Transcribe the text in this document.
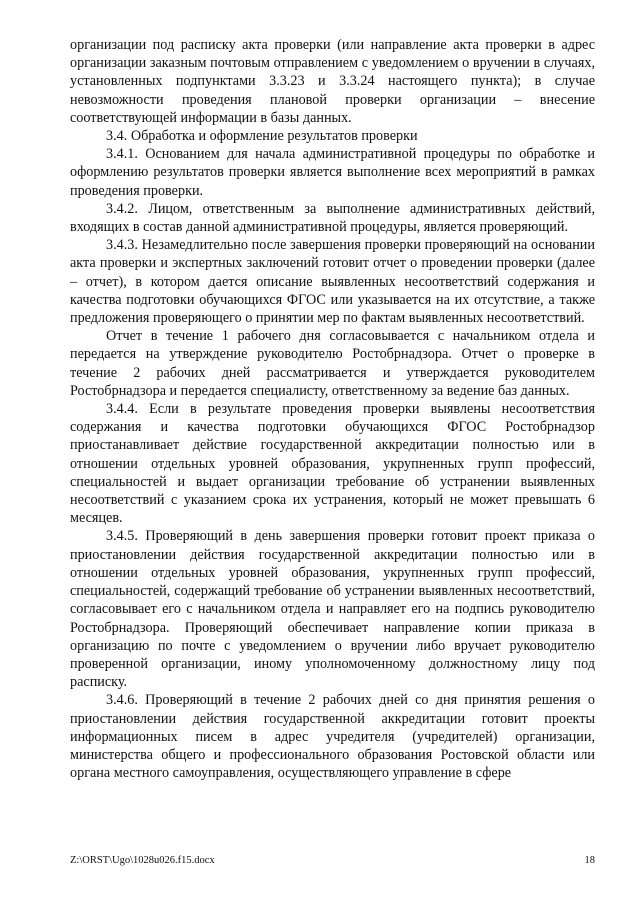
организации под расписку акта проверки (или направление акта проверки в адрес организации заказным почтовым отправлением с уведомлением о вручении в случаях, установленных подпунктами 3.3.23 и 3.3.24 настоящего пункта); в случае невозможности проведения плановой проверки организации – внесение соответствующей информации в базы данных.

3.4. Обработка и оформление результатов проверки

3.4.1. Основанием для начала административной процедуры по обработке и оформлению результатов проверки является выполнение всех мероприятий в рамках проведения проверки.

3.4.2. Лицом, ответственным за выполнение административных действий, входящих в состав данной административной процедуры, является проверяющий.

3.4.3. Незамедлительно после завершения проверки проверяющий на основании акта проверки и экспертных заключений готовит отчет о проведении проверки (далее – отчет), в котором дается описание выявленных несоответствий содержания и качества подготовки обучающихся ФГОС или указывается на их отсутствие, а также предложения проверяющего о принятии мер по фактам выявленных несоответствий.

Отчет в течение 1 рабочего дня согласовывается с начальником отдела и передается на утверждение руководителю Ростобрнадзора. Отчет о проверке в течение 2 рабочих дней рассматривается и утверждается руководителем Ростобрнадзора и передается специалисту, ответственному за ведение баз данных.

3.4.4. Если в результате проведения проверки выявлены несоответствия содержания и качества подготовки обучающихся ФГОС Ростобрнадзор приостанавливает действие государственной аккредитации полностью или в отношении отдельных уровней образования, укрупненных групп профессий, специальностей и выдает организации требование об устранении выявленных несоответствий с указанием срока их устранения, который не может превышать 6 месяцев.

3.4.5. Проверяющий в день завершения проверки готовит проект приказа о приостановлении действия государственной аккредитации полностью или в отношении отдельных уровней образования, укрупненных групп профессий, специальностей, содержащий требование об устранении выявленных несоответствий, согласовывает его с начальником отдела и направляет его на подпись руководителю Ростобрнадзора. Проверяющий обеспечивает направление копии приказа в организацию по почте с уведомлением о вручении либо вручает руководителю проверенной организации, иному уполномоченному должностному лицу под расписку.

3.4.6. Проверяющий в течение 2 рабочих дней со дня принятия решения о приостановлении действия государственной аккредитации готовит проекты информационных писем в адрес учредителя (учредителей) организации, министерства общего и профессионального образования Ростовской области или органа местного самоуправления, осуществляющего управление в сфере

Z:\ORST\Ugo\1028u026.f15.docx	18
